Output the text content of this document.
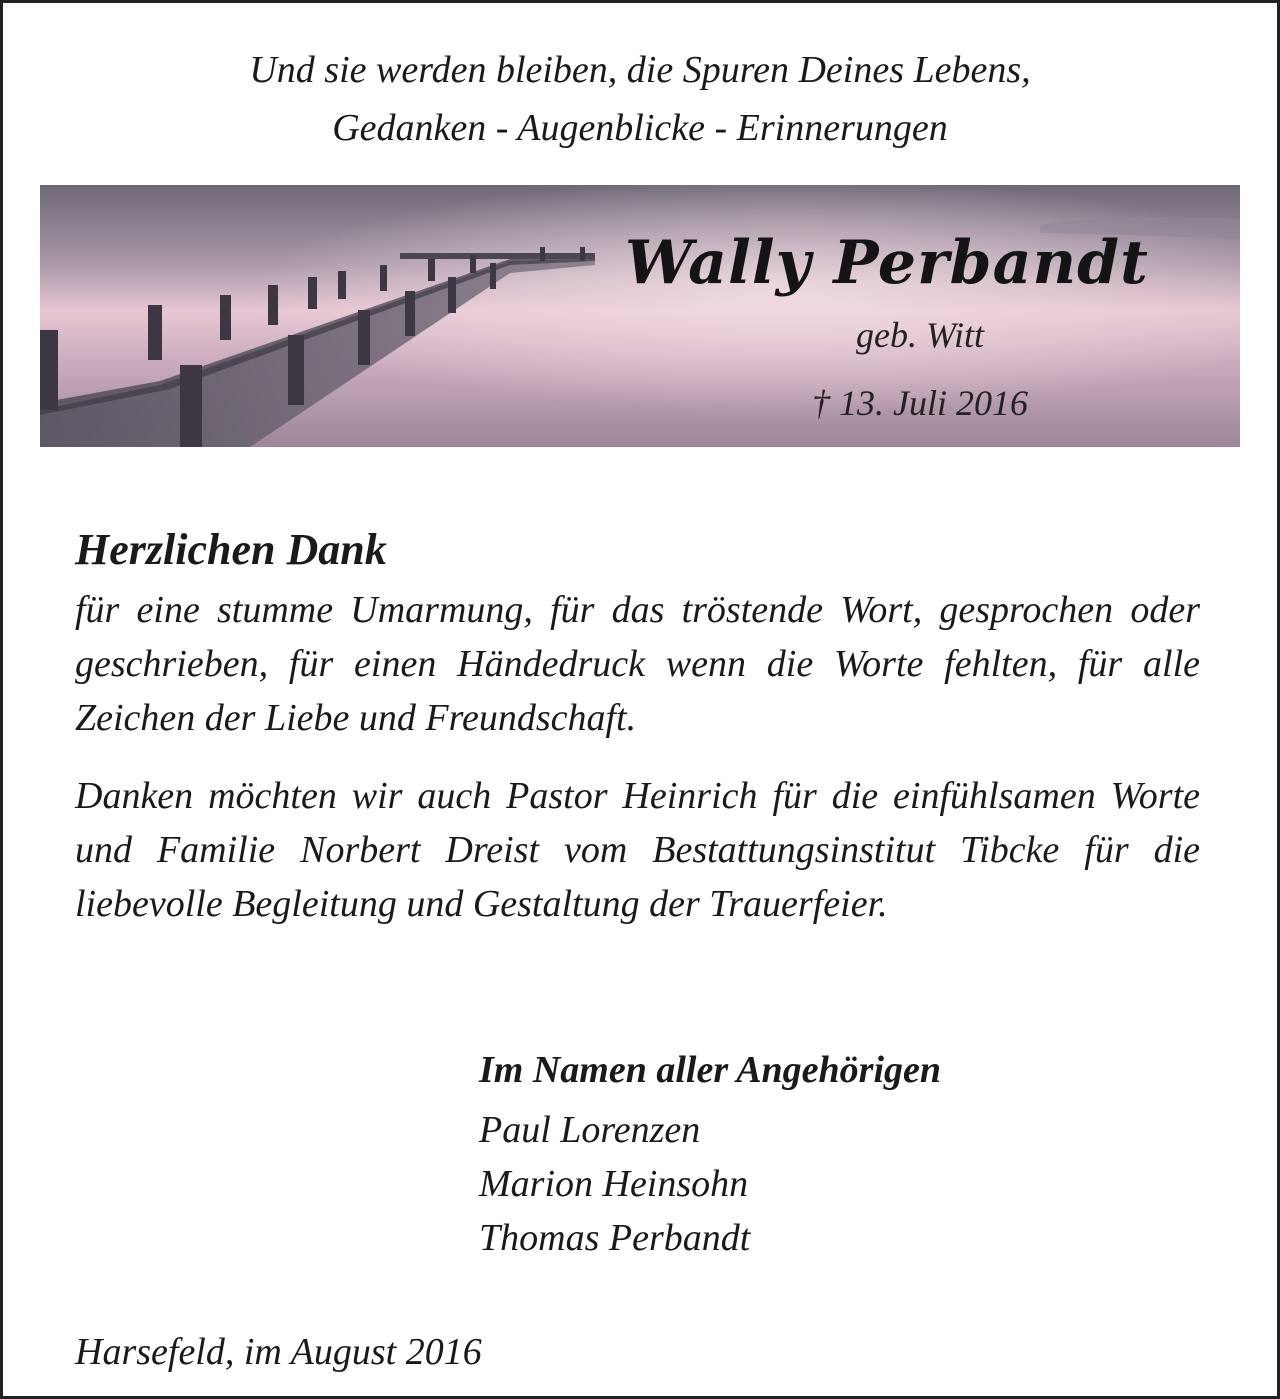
Und sie werden bleiben, die Spuren Deines Lebens,
Gedanken - Augenblicke - Erinnerungen
Wally Perbandt
geb. Witt
† 13. Juli 2016
Herzlichen Dank
für eine stumme Umarmung, für das tröstende Wort, gesprochen oder geschrieben, für einen Händedruck wenn die Worte fehlten, für alle Zeichen der Liebe und Freundschaft.
Danken möchten wir auch Pastor Heinrich für die einfühlsamen Worte und Familie Norbert Dreist vom Bestattungsinstitut Tibcke für die liebevolle Begleitung und Gestaltung der Trauerfeier.
Im Namen aller Angehörigen
Paul Lorenzen
Marion Heinsohn
Thomas Perbandt
Harsefeld, im August 2016
